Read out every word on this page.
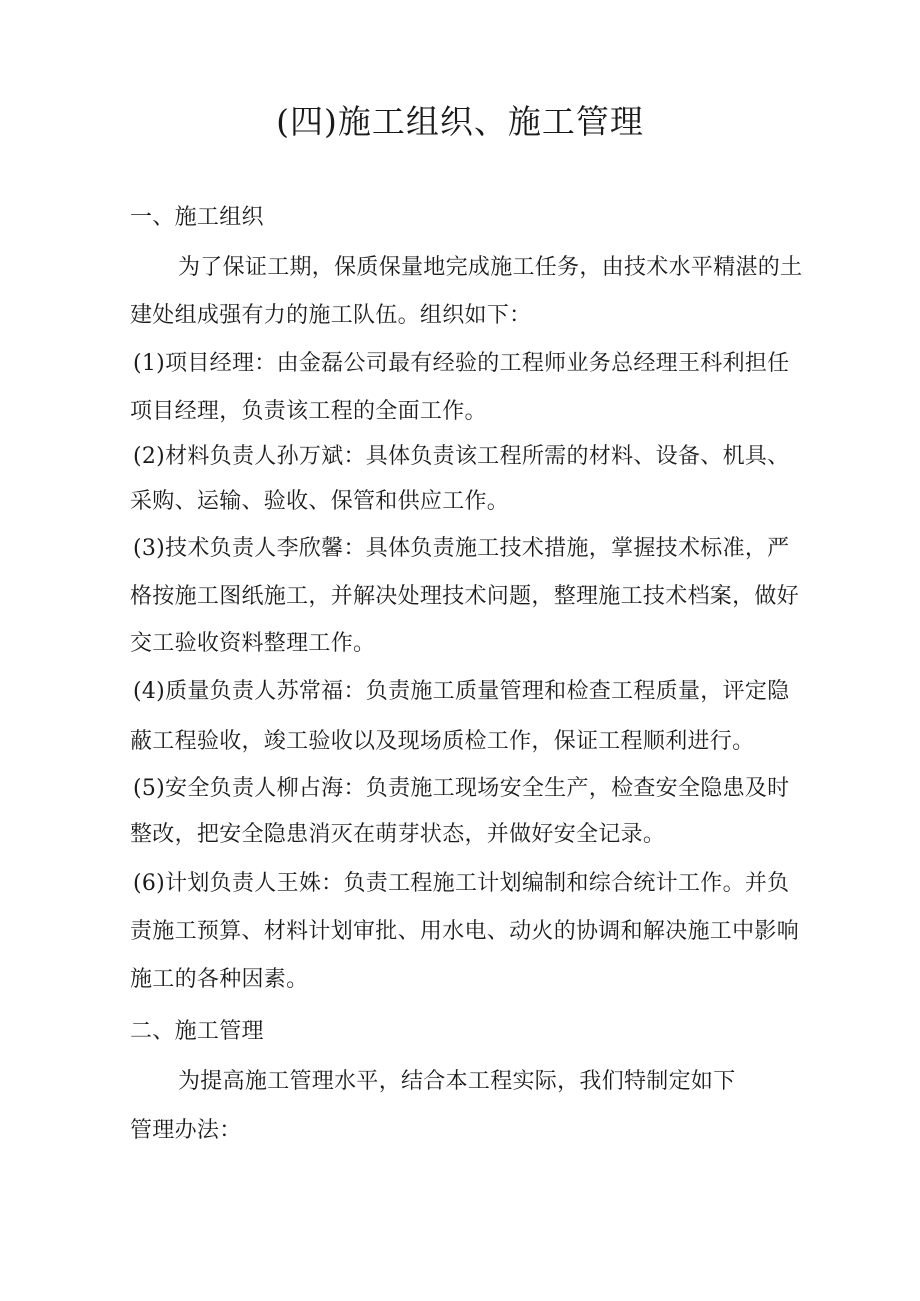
(四)施工组织、施工管理
一、施工组织
为了保证工期，保质保量地完成施工任务，由技术水平精湛的土
建处组成强有力的施工队伍。组织如下：
(1)项目经理：由金磊公司最有经验的工程师业务总经理王科利担任
项目经理，负责该工程的全面工作。
(2)材料负责人孙万斌：具体负责该工程所需的材料、设备、机具、
采购、运输、验收、保管和供应工作。
(3)技术负责人李欣馨：具体负责施工技术措施，掌握技术标准，严
格按施工图纸施工，并解决处理技术问题，整理施工技术档案，做好
交工验收资料整理工作。
(4)质量负责人苏常福：负责施工质量管理和检查工程质量，评定隐
蔽工程验收，竣工验收以及现场质检工作，保证工程顺利进行。
(5)安全负责人柳占海：负责施工现场安全生产，检查安全隐患及时
整改，把安全隐患消灭在萌芽状态，并做好安全记录。
(6)计划负责人王姝：负责工程施工计划编制和综合统计工作。并负
责施工预算、材料计划审批、用水电、动火的协调和解决施工中影响
施工的各种因素。
二、施工管理
为提高施工管理水平，结合本工程实际，我们特制定如下
管理办法：
